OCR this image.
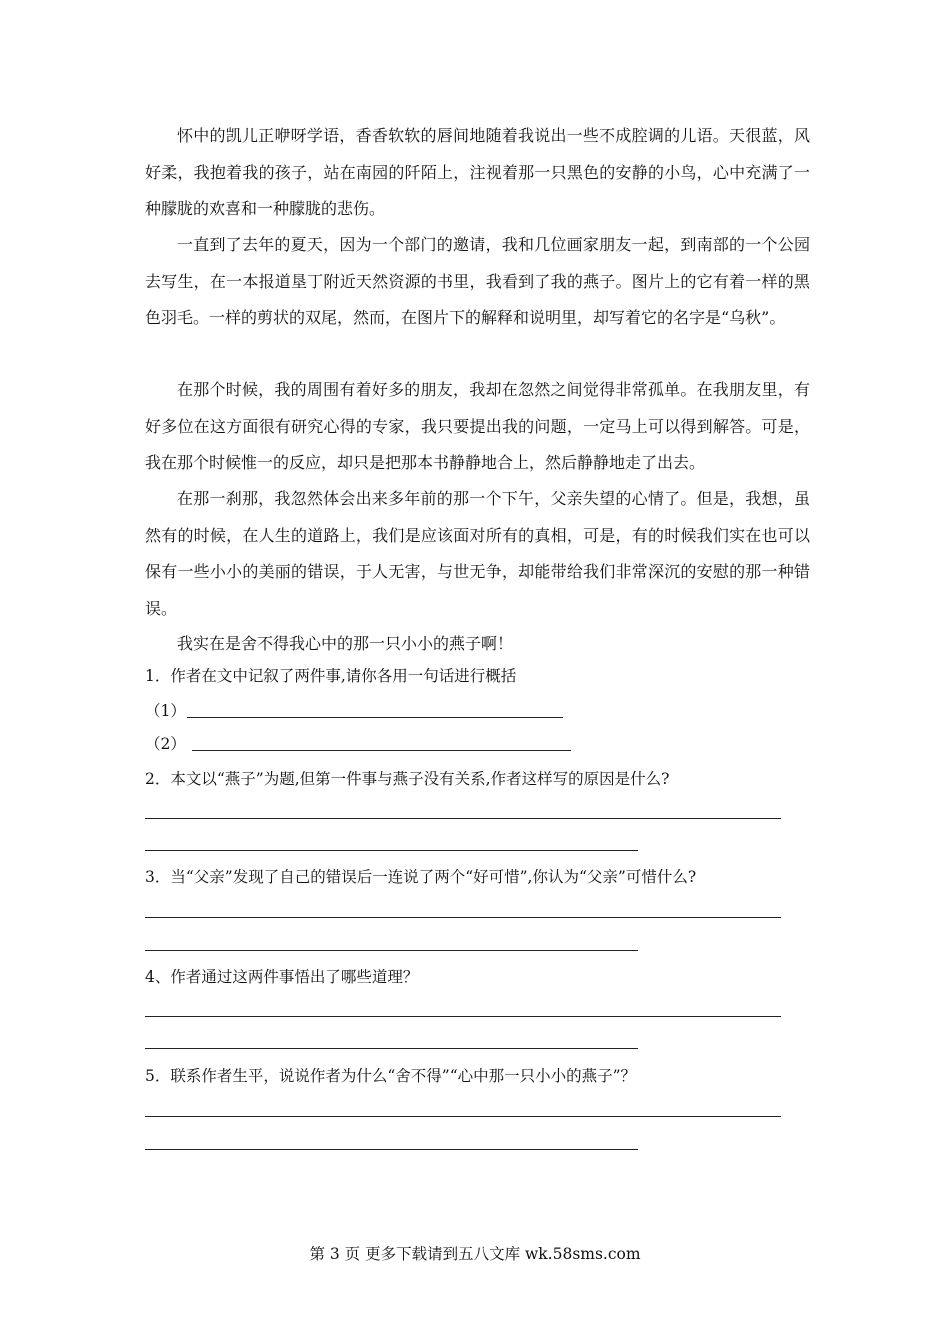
怀中的凯儿正咿呀学语，香香软软的唇间地随着我说出一些不成腔调的儿语。天很蓝，风好柔，我抱着我的孩子，站在南园的阡陌上，注视着那一只黑色的安静的小鸟，心中充满了一种朦胧的欢喜和一种朦胧的悲伤。

一直到了去年的夏天，因为一个部门的邀请，我和几位画家朋友一起，到南部的一个公园去写生，在一本报道垦丁附近天然资源的书里，我看到了我的燕子。图片上的它有着一样的黑色羽毛。一样的剪状的双尾，然而，在图片下的解释和说明里，却写着它的名字是“乌秋”。

在那个时候，我的周围有着好多的朋友，我却在忽然之间觉得非常孤单。在我朋友里，有好多位在这方面很有研究心得的专家，我只要提出我的问题，一定马上可以得到解答。可是，我在那个时候惟一的反应，却只是把那本书静静地合上，然后静静地走了出去。

在那一刹那，我忽然体会出来多年前的那一个下午，父亲失望的心情了。但是，我想，虽然有的时候，在人生的道路上，我们是应该面对所有的真相，可是，有的时候我们实在也可以保有一些小小的美丽的错误，于人无害，与世无争，却能带给我们非常深沉的安慰的那一种错误。

我实在是舍不得我心中的那一只小小的燕子啊！

1．作者在文中记叙了两件事,请你各用一句话进行概括

（1）

（2）

2．本文以“燕子”为题,但第一件事与燕子没有关系,作者这样写的原因是什么?

3．当“父亲”发现了自己的错误后一连说了两个“好可惜”,你认为“父亲”可惜什么?

4、作者通过这两件事悟出了哪些道理？

5．联系作者生平，说说作者为什么“舍不得”“心中那一只小小的燕子”？

第 3 页 更多下载请到五八文库 wk.58sms.com
